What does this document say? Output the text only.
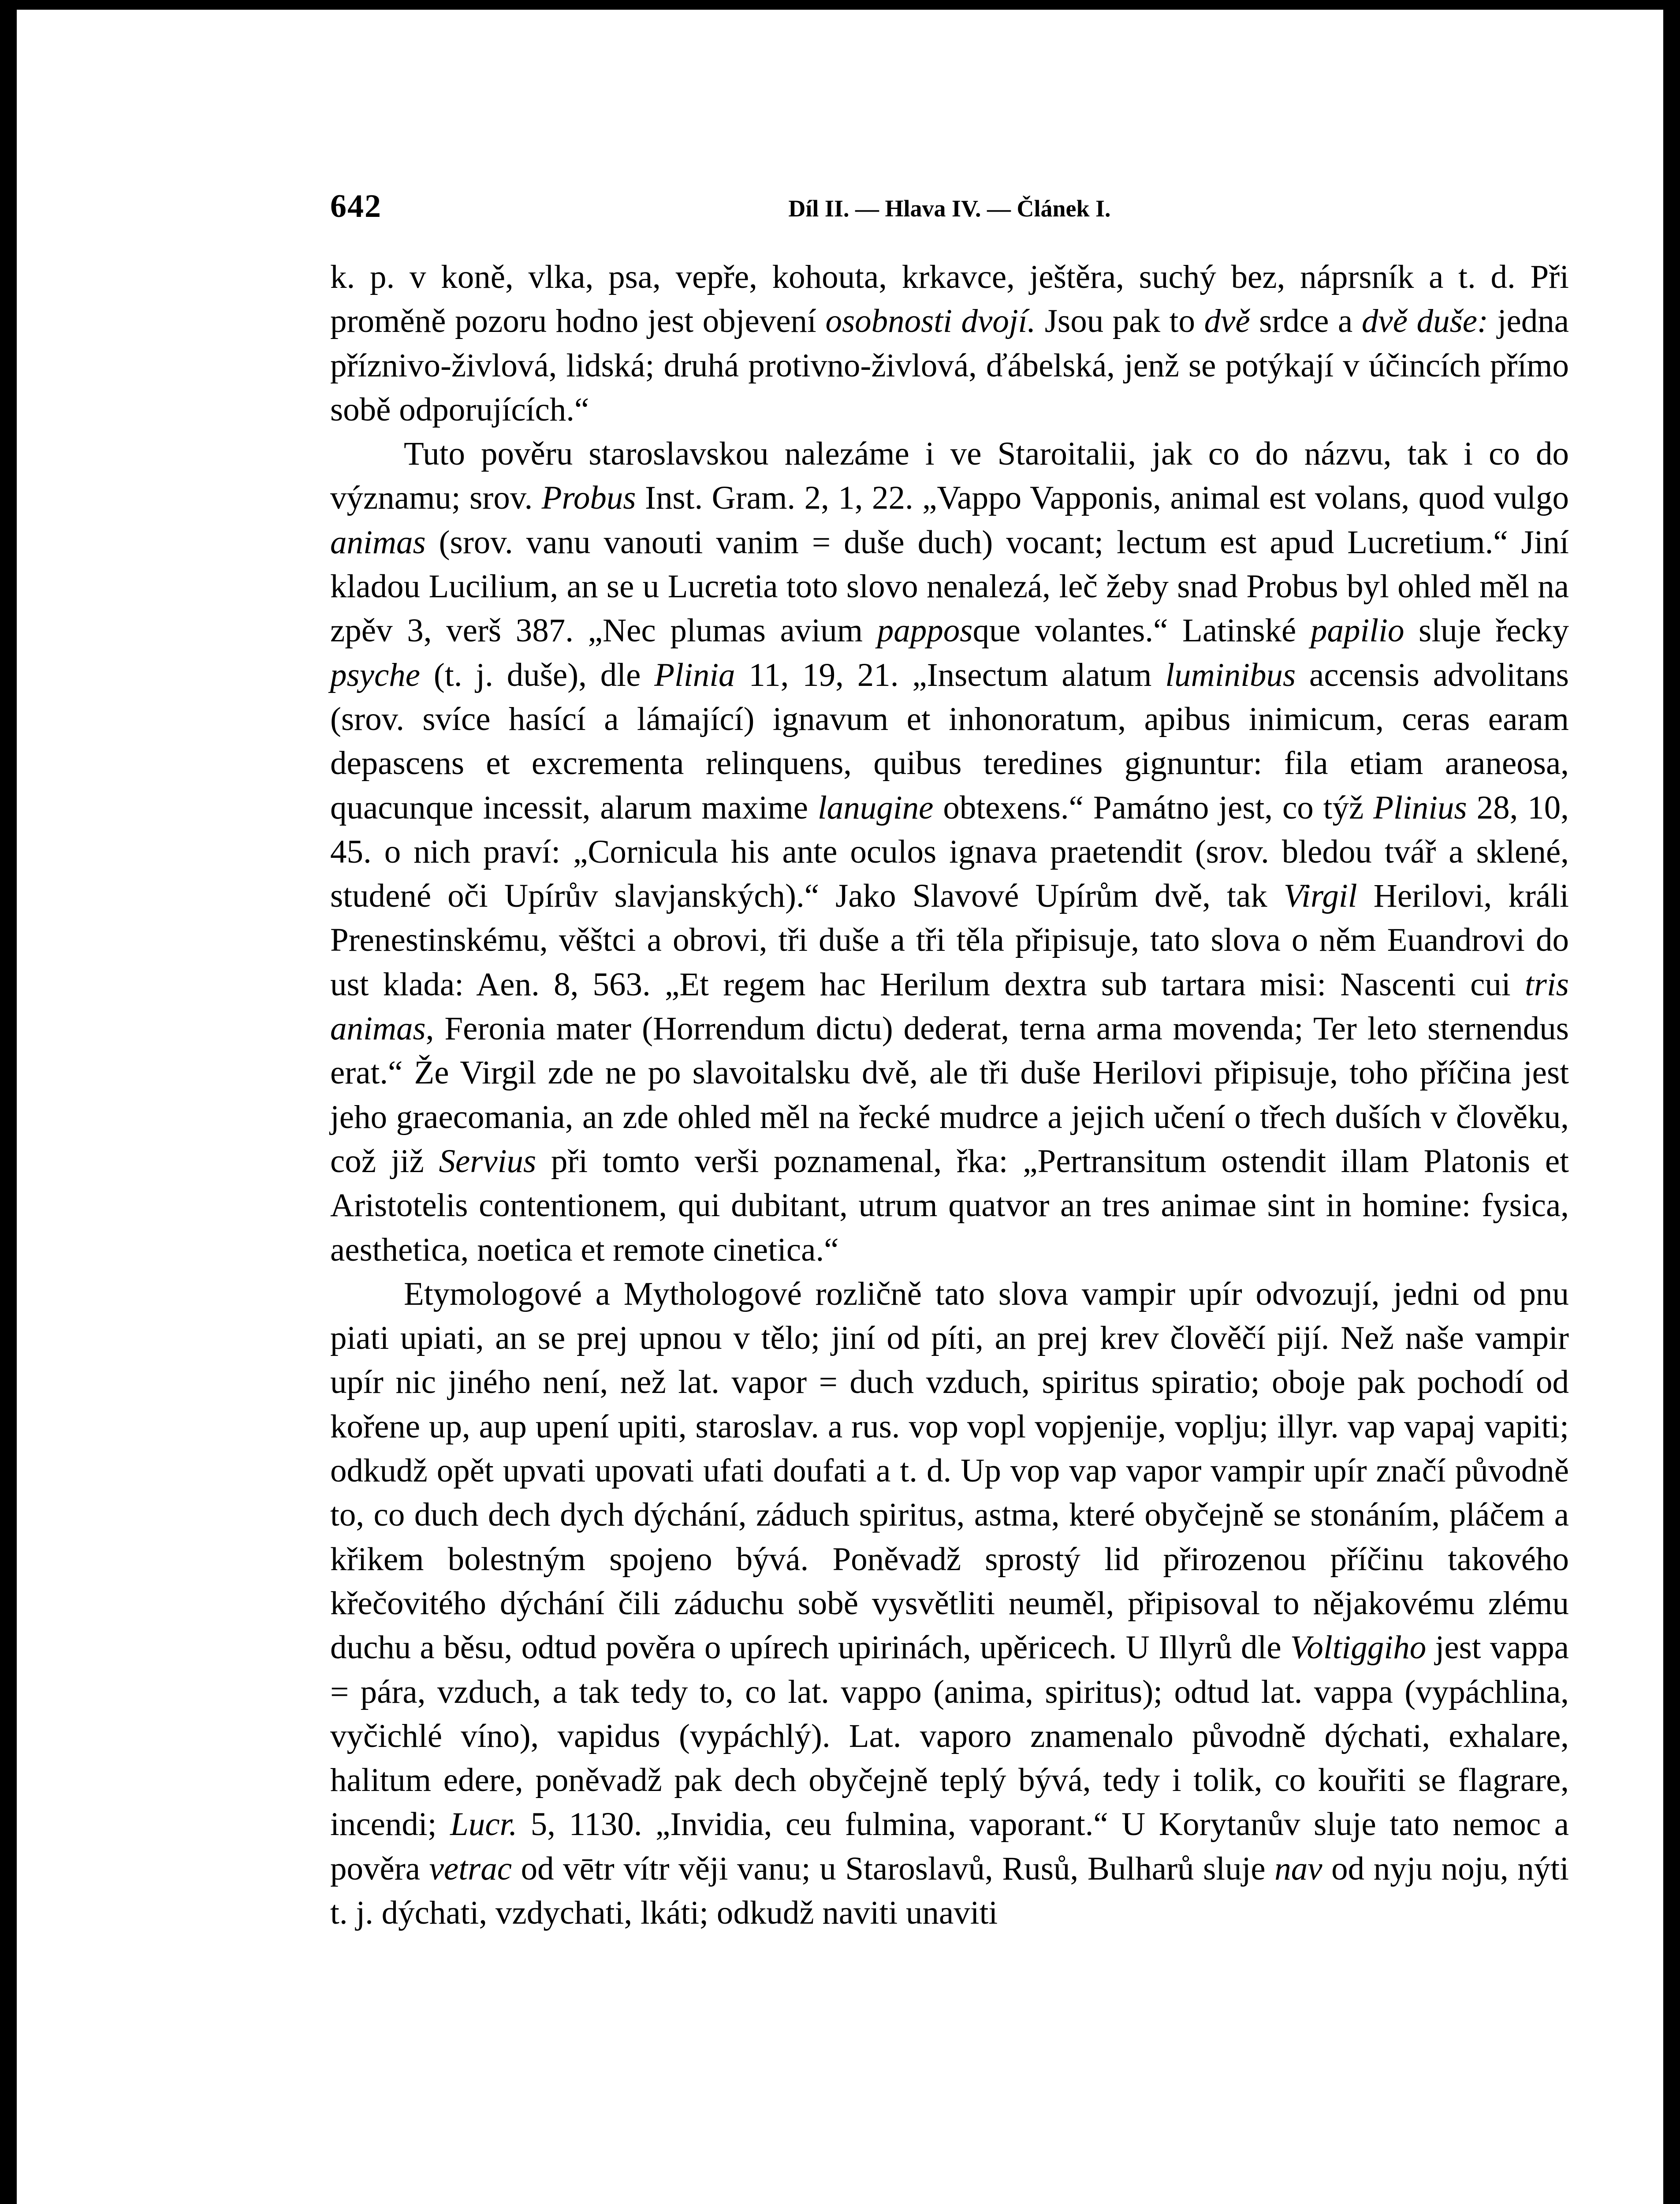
642	Díl II. — Hlava IV. — Článek I.

k. p. v koně, vlka, psa, vepře, kohouta, krkavce, ještěra, suchý bez, náprsník a t. d. Při proměně pozoru hodno jest objevení osobnosti dvojí. Jsou pak to dvě srdce a dvě duše: jedna příznivo-živlová, lidská; druhá protivno-živlová, ďábelská, jenž se potýkají v účincích přímo sobě odporujících.“

Tuto pověru staroslavskou nalezáme i ve Staroitalii, jak co do názvu, tak i co do významu; srov. Probus Inst. Gram. 2, 1, 22. „Vappo Vapponis, animal est volans, quod vulgo animas (srov. vanu vanouti vanim = duše duch) vocant; lectum est apud Lucretium.“ Jiní kladou Lucilium, an se u Lucretia toto slovo nenalezá, leč žeby snad Probus byl ohled měl na zpěv 3, verš 387. „Nec plumas avium papposque volantes.“ Latinské papilio sluje řecky psyche (t. j. duše), dle Plinia 11, 19, 21. „Insectum alatum luminibus accensis advolitans (srov. svíce hasící a lámající) ignavum et inhonoratum, apibus inimicum, ceras earam depascens et excrementa relinquens, quibus teredines gignuntur: fila etiam araneosa, quacunque incessit, alarum maxime lanugine obtexens.“ Památno jest, co týž Plinius 28, 10, 45. o nich praví: „Cornicula his ante oculos ignava praetendit (srov. bledou tvář a sklené, studené oči Upírův slavjanských).“ Jako Slavové Upírům dvě, tak Virgil Herilovi, králi Prenestinskému, věštci a obrovi, tři duše a tři těla připisuje, tato slova o něm Euandrovi do ust klada: Aen. 8, 563. „Et regem hac Herilum dextra sub tartara misi: Nascenti cui tris animas, Feronia mater (Horrendum dictu) dederat, terna arma movenda; Ter leto sternendus erat.“ Že Virgil zde ne po slavoitalsku dvě, ale tři duše Herilovi připisuje, toho příčina jest jeho graecomania, an zde ohled měl na řecké mudrce a jejich učení o třech duších v člověku, což již Servius při tomto verši poznamenal, řka: „Pertransitum ostendit illam Platonis et Aristotelis contentionem, qui dubitant, utrum quatvor an tres animae sint in homine: fysica, aesthetica, noetica et remote cinetica.“

Etymologové a Mythologové rozličně tato slova vampir upír odvozují, jedni od pnu piati upiati, an se prej upnou v tělo; jiní od píti, an prej krev člověčí pijí. Než naše vampir upír nic jiného není, než lat. vapor = duch vzduch, spiritus spiratio; oboje pak pochodí od kořene up, aup upení upiti, staroslav. a rus. vop vopl vopjenije, voplju; illyr. vap vapaj vapiti; odkudž opět upvati upovati ufati doufati a t. d. Up vop vap vapor vampir upír značí původně to, co duch dech dych dýchání, záduch spiritus, astma, které obyčejně se stonáním, pláčem a křikem bolestným spojeno bývá. Poněvadž sprostý lid přirozenou příčinu takového křečovitého dýchání čili záduchu sobě vysvětliti neuměl, připisoval to nějakovému zlému duchu a běsu, odtud pověra o upírech upirinách, upěricech. U Illyrů dle Voltiggiho jest vappa = pára, vzduch, a tak tedy to, co lat. vappo (anima, spiritus); odtud lat. vappa (vypáchlina, vyčichlé víno), vapidus (vypáchlý). Lat. vaporo znamenalo původně dýchati, exhalare, halitum edere, poněvadž pak dech obyčejně teplý bývá, tedy i tolik, co kouřiti se flagrare, incendi; Lucr. 5, 1130. „Invidia, ceu fulmina, vaporant.“ U Korytanův sluje tato nemoc a pověra vetrac od vētr vítr věji vanu; u Staroslavů, Rusů, Bulharů sluje nav od nyju noju, nýti t. j. dýchati, vzdychati, lkáti; odkudž naviti unaviti
